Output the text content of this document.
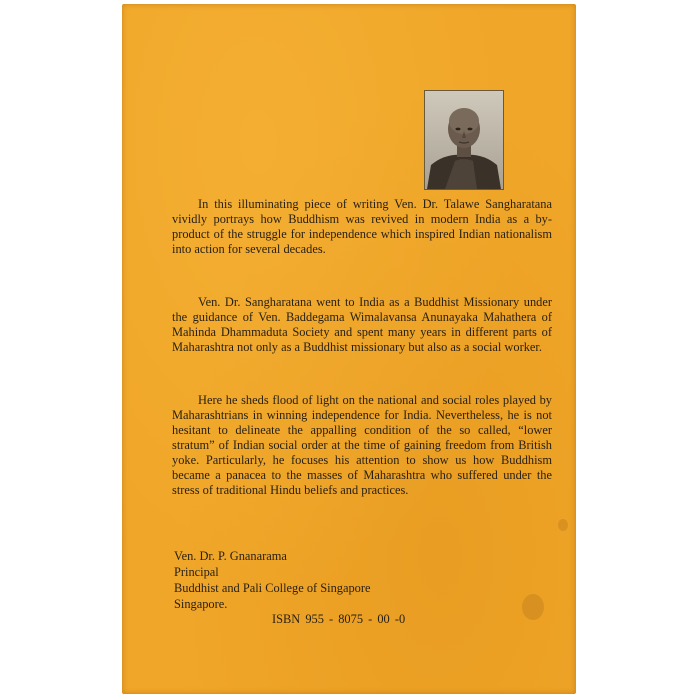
In this illuminating piece of writing Ven. Dr. Talawe Sangharatana vividly portrays how Buddhism was revived in modern India as a by-product of the struggle for independence which inspired Indian nationalism into action for several decades.

Ven. Dr. Sangharatana went to India as a Buddhist Missionary under the guidance of Ven. Baddegama Wimalavansa Anunayaka Mahathera of Mahinda Dhammaduta Society and spent many years in different parts of Maharashtra not only as a Buddhist missionary but also as a social worker.

Here he sheds flood of light on the national and social roles played by Maharashtrians in winning independence for India. Nevertheless, he is not hesitant to delineate the appalling condition of the so called, “lower stratum” of Indian social order at the time of gaining freedom from British yoke. Particularly, he focuses his attention to show us how Buddhism became a panacea to the masses of Maharashtra who suffered under the stress of traditional Hindu beliefs and practices.

Ven. Dr. P. Gnanarama
Principal
Buddhist and Pali College of Singapore
Singapore.
ISBN 955 - 8075 - 00 -0
